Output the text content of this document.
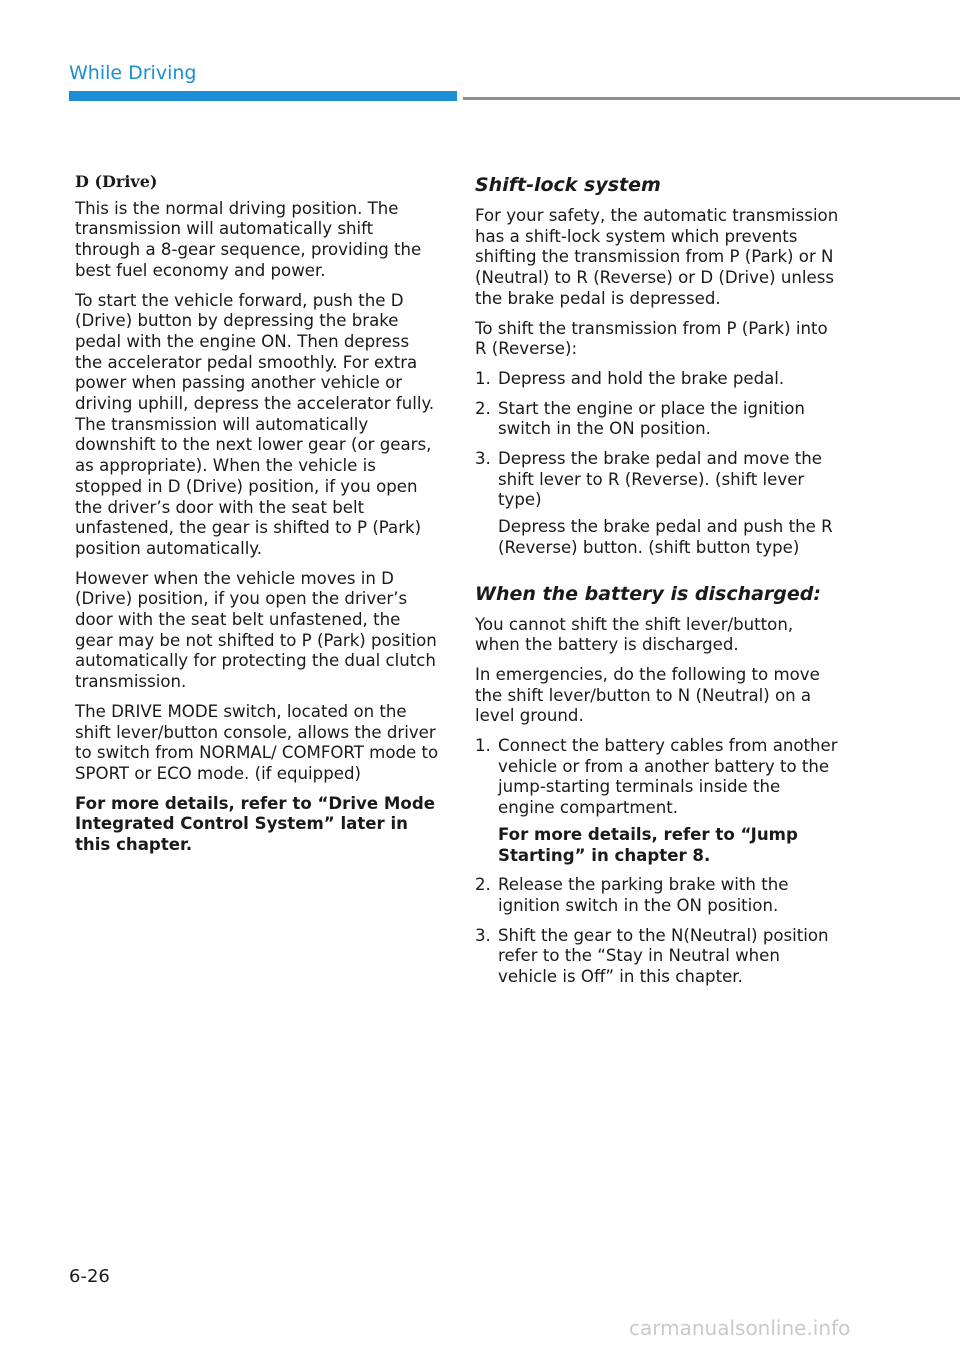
While Driving
D (Drive)

This is the normal driving position. The transmission will automatically shift through a 8-gear sequence, providing the best fuel economy and power.

To start the vehicle forward, push the D (Drive) button by depressing the brake pedal with the engine ON. Then depress the accelerator pedal smoothly. For extra power when passing another vehicle or driving uphill, depress the accelerator fully. The transmission will automatically downshift to the next lower gear (or gears, as appropriate). When the vehicle is stopped in D (Drive) position, if you open the driver’s door with the seat belt unfastened, the gear is shifted to P (Park) position automatically.

However when the vehicle moves in D (Drive) position, if you open the driver’s door with the seat belt unfastened, the gear may be not shifted to P (Park) position automatically for protecting the dual clutch transmission.

The DRIVE MODE switch, located on the shift lever/button console, allows the driver to switch from NORMAL/ COMFORT mode to SPORT or ECO mode. (if equipped)

For more details, refer to “Drive Mode Integrated Control System” later in this chapter.

Shift-lock system

For your safety, the automatic transmission has a shift-lock system which prevents shifting the transmission from P (Park) or N (Neutral) to R (Reverse) or D (Drive) unless the brake pedal is depressed.

To shift the transmission from P (Park) into R (Reverse):

1. Depress and hold the brake pedal.

2. Start the engine or place the ignition switch in the ON position.

3. Depress the brake pedal and move the shift lever to R (Reverse). (shift lever type)

Depress the brake pedal and push the R (Reverse) button. (shift button type)

When the battery is discharged:

You cannot shift the shift lever/button, when the battery is discharged.

In emergencies, do the following to move the shift lever/button to N (Neutral) on a level ground.

1. Connect the battery cables from another vehicle or from a another battery to the jump-starting terminals inside the engine compartment.

For more details, refer to “Jump Starting” in chapter 8.

2. Release the parking brake with the ignition switch in the ON position.

3. Shift the gear to the N(Neutral) position refer to the “Stay in Neutral when vehicle is Off” in this chapter.

6-26

carmanualsonline.info
